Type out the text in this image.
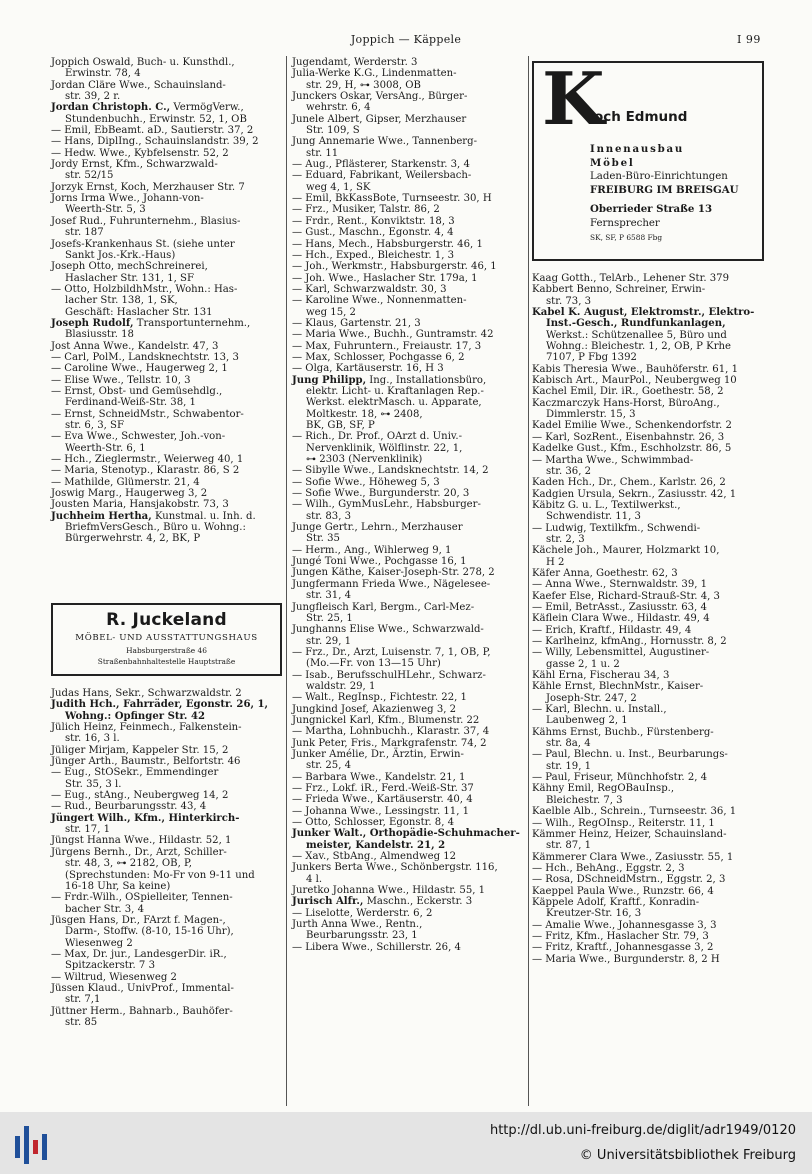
Joppich — Käppele	I 99

Joppich Oswald, Buch- u. Kunsthdl.,

Erwinstr. 78, 4

Jordan Cläre Wwe., Schauinsland-

str. 39, 2 r.

Jordan Christoph. C., VermögVerw.,

Stundenbuchh., Erwinstr. 52, 1, OB

— Emil, EbBeamt. aD., Sautierstr. 37, 2

— Hans, DiplIng., Schauinslandstr. 39, 2

— Hedw. Wwe., Kybfelsenstr. 52, 2

Jordy Ernst, Kfm., Schwarzwald-

str. 52/15

Jorzyk Ernst, Koch, Merzhauser Str. 7

Jorns Irma Wwe., Johann-von-

Weerth-Str. 5, 3

Josef Rud., Fuhrunternehm., Blasius-

str. 187

Josefs-Krankenhaus St. (siehe unter

Sankt Jos.-Krk.-Haus)

Joseph Otto, mechSchreinerei,

Haslacher Str. 131, 1, SF

— Otto, HolzbildhMstr., Wohn.: Has-

lacher Str. 138, 1, SK,

Geschäft: Haslacher Str. 131

Joseph Rudolf, Transportunternehm.,

Blasiusstr. 18

Jost Anna Wwe., Kandelstr. 47, 3

— Carl, PolM., Landsknechtstr. 13, 3

— Caroline Wwe., Haugerweg 2, 1

— Elise Wwe., Tellstr. 10, 3

— Ernst, Obst- und Gemüsehdlg.,

Ferdinand-Weiß-Str. 38, 1

— Ernst, SchneidMstr., Schwabentor-

str. 6, 3, SF

— Eva Wwe., Schwester, Joh.-von-

Weerth-Str. 6, 1

— Hch., Zieglermstr., Weierweg 40, 1

— Maria, Stenotyp., Klarastr. 86, S 2

— Mathilde, Glümerstr. 21, 4

Joswig Marg., Haugerweg 3, 2

Jousten Maria, Hansjakobstr. 73, 3

Juchheim Hertha, Kunstmal. u. Inh. d.

BriefmVersGesch., Büro u. Wohng.:

Bürgerwehrstr. 4, 2, BK, P

R. Juckeland
MÖBEL- UND AUSSTATTUNGSHAUS
Habsburgerstraße 46
Straßenbahnhaltestelle Hauptstraße

Judas Hans, Sekr., Schwarzwaldstr. 2

Judith Hch., Fahrräder, Egonstr. 26, 1,

Wohng.: Opfinger Str. 42

Jülich Heinz, Feinmech., Falkenstein-

str. 16, 3 l.

Jüliger Mirjam, Kappeler Str. 15, 2

Jünger Arth., Baumstr., Belfortstr. 46

— Eug., StOSekr., Emmendinger

Str. 35, 3 l.

— Eug., stAng., Neubergweg 14, 2

— Rud., Beurbarungsstr. 43, 4

Jüngert Wilh., Kfm., Hinterkirch-

str. 17, 1

Jüngst Hanna Wwe., Hildastr. 52, 1

Jürgens Bernh., Dr., Arzt, Schiller-

str. 48, 3, ⊶ 2182, OB, P,

(Sprechstunden: Mo-Fr von 9-11 und

16-18 Uhr, Sa keine)

— Frdr.-Wilh., OSpielleiter, Tennen-

bacher Str. 3, 4

Jüsgen Hans, Dr., FArzt f. Magen-,

Darm-, Stoffw. (8-10, 15-16 Uhr),

Wiesenweg 2

— Max, Dr. jur., LandesgerDir. iR.,

Spitzackerstr. 7 3

— Wiltrud, Wiesenweg 2

Jüssen Klaud., UnivProf., Immental-

str. 7,1

Jüttner Herm., Bahnarb., Bauhöfer-

str. 85

Jugendamt, Werderstr. 3

Julia-Werke K.G., Lindenmatten-

str. 29, H, ⊶ 3008, OB

Junckers Oskar, VersAng., Bürger-

wehrstr. 6, 4

Junele Albert, Gipser, Merzhauser

Str. 109, S

Jung Annemarie Wwe., Tannenberg-

str. 11

— Aug., Pflästerer, Starkenstr. 3, 4

— Eduard, Fabrikant, Weilersbach-

weg 4, 1, SK

— Emil, BkKassBote, Turnseestr. 30, H

— Frz., Musiker, Talstr. 86, 2

— Frdr., Rent., Konviktstr. 18, 3

— Gust., Maschn., Egonstr. 4, 4

— Hans, Mech., Habsburgerstr. 46, 1

— Hch., Exped., Bleichestr. 1, 3

— Joh., Werkmstr., Habsburgerstr. 46, 1

— Joh. Wwe., Haslacher Str. 179a, 1

— Karl, Schwarzwaldstr. 30, 3

— Karoline Wwe., Nonnenmatten-

weg 15, 2

— Klaus, Gartenstr. 21, 3

— Maria Wwe., Buchh., Guntramstr. 42

— Max, Fuhruntern., Freiaustr. 17, 3

— Max, Schlosser, Pochgasse 6, 2

— Olga, Kartäuserstr. 16, H 3

Jung Philipp, Ing., Installationsbüro,

elektr. Licht- u. Kraftanlagen Rep.-

Werkst. elektrMasch. u. Apparate,

Moltkestr. 18, ⊶ 2408,

BK, GB, SF, P

— Rich., Dr. Prof., OArzt d. Univ.-

Nervenklinik, Wölflinstr. 22, 1,

⊶ 2303 (Nervenklinik)

— Sibylle Wwe., Landsknechtstr. 14, 2

— Sofie Wwe., Höheweg 5, 3

— Sofie Wwe., Burgunderstr. 20, 3

— Wilh., GymMusLehr., Habsburger-

str. 83, 3

Junge Gertr., Lehrn., Merzhauser

Str. 35

— Herm., Ang., Wihlerweg 9, 1

Jungé Toni Wwe., Pochgasse 16, 1

Jungen Käthe, Kaiser-Joseph-Str. 278, 2

Jungfermann Frieda Wwe., Nägelesee-

str. 31, 4

Jungfleisch Karl, Bergm., Carl-Mez-

Str. 25, 1

Junghanns Elise Wwe., Schwarzwald-

str. 29, 1

— Frz., Dr., Arzt, Luisenstr. 7, 1, OB, P,

(Mo.—Fr. von 13—15 Uhr)

— Isab., BerufsschulHLehr., Schwarz-

waldstr. 29, 1

— Walt., RegInsp., Fichtestr. 22, 1

Jungkind Josef, Akazienweg 3, 2

Jungnickel Karl, Kfm., Blumenstr. 22

— Martha, Lohnbuchh., Klarastr. 37, 4

Junk Peter, Fris., Markgrafenstr. 74, 2

Junker Amélie, Dr., Ärztin, Erwin-

str. 25, 4

— Barbara Wwe., Kandelstr. 21, 1

— Frz., Lokf. iR., Ferd.-Weiß-Str. 37

— Frieda Wwe., Kartäuserstr. 40, 4

— Johanna Wwe., Lessingstr. 11, 1

— Otto, Schlosser, Egonstr. 8, 4

Junker Walt., Orthopädie-Schuhmacher-

meister, Kandelstr. 21, 2

— Xav., StbAng., Almendweg 12

Junkers Berta Wwe., Schönbergstr. 116,

4 l.

Juretko Johanna Wwe., Hildastr. 55, 1

Jurisch Alfr., Maschn., Eckerstr. 3

— Liselotte, Werderstr. 6, 2

Jurth Anna Wwe., Rentn.,

Beurbarungsstr. 23, 1

— Libera Wwe., Schillerstr. 26, 4

K
och Edmund
Innenausbau
Möbel
Laden-Büro-Einrichtungen
FREIBURG IM BREISGAU
Oberrieder Straße 13
Fernsprecher
SK, SF, P 6588 Fbg

Kaag Gotth., TelArb., Lehener Str. 379

Kabbert Benno, Schreiner, Erwin-

str. 73, 3

Kabel K. August, Elektromstr., Elektro-

Inst.-Gesch., Rundfunkanlagen,

Werkst.: Schützenallee 5, Büro und

Wohng.: Bleichestr. 1, 2, OB, P Krhe

7107, P Fbg 1392

Kabis Theresia Wwe., Bauhöferstr. 61, 1

Kabisch Art., MaurPol., Neubergweg 10

Kachel Emil, Dir. iR., Goethestr. 58, 2

Kaczmarczyk Hans-Horst, BüroAng.,

Dimmlerstr. 15, 3

Kadel Emilie Wwe., Schenkendorfstr. 2

— Karl, SozRent., Eisenbahnstr. 26, 3

Kadelke Gust., Kfm., Eschholzstr. 86, 5

— Martha Wwe., Schwimmbad-

str. 36, 2

Kaden Hch., Dr., Chem., Karlstr. 26, 2

Kadgien Ursula, Sekrn., Zasiusstr. 42, 1

Käbitz G. u. L., Textilwerkst.,

Schwendistr. 11, 3

— Ludwig, Textilkfm., Schwendi-

str. 2, 3

Kächele Joh., Maurer, Holzmarkt 10,

H 2

Käfer Anna, Goethestr. 62, 3

— Anna Wwe., Sternwaldstr. 39, 1

Kaefer Else, Richard-Strauß-Str. 4, 3

— Emil, BetrAsst., Zasiusstr. 63, 4

Käflein Clara Wwe., Hildastr. 49, 4

— Erich, Kraftf., Hildastr. 49, 4

— Karlheinz, kfmAng., Hornusstr. 8, 2

— Willy, Lebensmittel, Augustiner-

gasse 2, 1 u. 2

Kähl Erna, Fischerau 34, 3

Kähle Ernst, BlechnMstr., Kaiser-

Joseph-Str. 247, 2

— Karl, Blechn. u. Install.,

Laubenweg 2, 1

Kähms Ernst, Buchb., Fürstenberg-

str. 8a, 4

— Paul, Blechn. u. Inst., Beurbarungs-

str. 19, 1

— Paul, Friseur, Münchhofstr. 2, 4

Kähny Emil, RegOBauInsp.,

Bleichestr. 7, 3

Kaelble Alb., Schrein., Turnseestr. 36, 1

— Wilh., RegOInsp., Reiterstr. 11, 1

Kämmer Heinz, Heizer, Schauinsland-

str. 87, 1

Kämmerer Clara Wwe., Zasiusstr. 55, 1

— Hch., BehAng., Eggstr. 2, 3

— Rosa, DSchneidMstrn., Eggstr. 2, 3

Kaeppel Paula Wwe., Runzstr. 66, 4

Käppele Adolf, Kraftf., Konradin-

Kreutzer-Str. 16, 3

— Amalie Wwe., Johannesgasse 3, 3

— Fritz, Kfm., Haslacher Str. 79, 3

— Fritz, Kraftf., Johannesgasse 3, 2

— Maria Wwe., Burgunderstr. 8, 2 H

http://dl.ub.uni-freiburg.de/diglit/adr1949/0120
© Universitätsbibliothek Freiburg
